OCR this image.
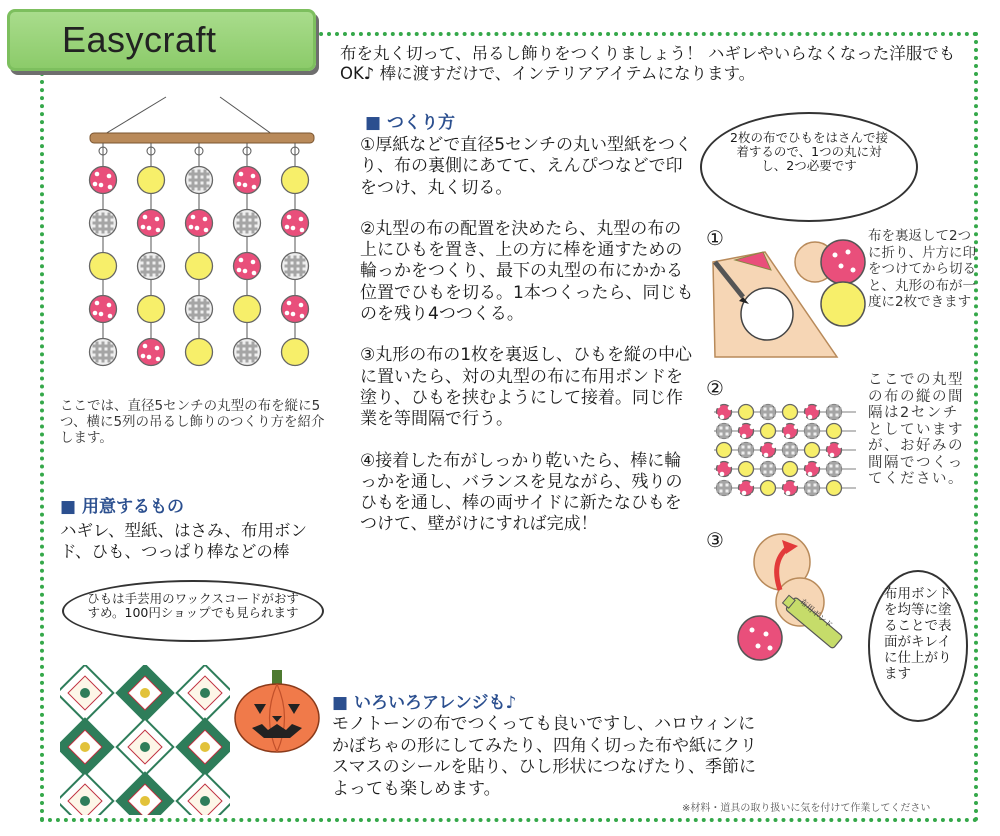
Easycraft	布を丸く切って、吊るし飾りをつくりましょう！ ハギレやいらなくなった洋服でもOK♪ 棒に渡すだけで、インテリアアイテムになります。
ここでは、直径5センチの丸型の布を縦に5つ、横に5列の吊るし飾りのつくり方を紹介します。
■ 用意するもの
ハギレ、型紙、はさみ、布用ボンド、ひも、つっぱり棒などの棒
ひもは手芸用のワックスコードがおすすめ。100円ショップでも見られます
■ つくり方

①厚紙などで直径5センチの丸い型紙をつくり、布の裏側にあてて、えんぴつなどで印をつけ、丸く切る。

②丸型の布の配置を決めたら、丸型の布の上にひもを置き、上の方に棒を通すための輪っかをつくり、最下の丸型の布にかかる位置でひもを切る。1本つくったら、同じものを残り4つつくる。

③丸形の布の1枚を裏返し、ひもを縦の中心に置いたら、対の丸型の布に布用ボンドを塗り、ひもを挟むようにして接着。同じ作業を等間隔で行う。

④接着した布がしっかり乾いたら、棒に輪っかを通し、バランスを見ながら、残りのひもを通し、棒の両サイドに新たなひもをつけて、壁がけにすれば完成！

2枚の布でひもをはさんで接着するので、1つの丸に対し、2つ必要です
①	布を裏返して2つに折り、片方に印をつけてから切ると、丸形の布が一度に2枚できます
②	ここでの丸型の布の縦の間隔は2センチとしていますが、お好みの間隔でつくってください。
③
布用ボンド
布用ボンドを均等に塗ることで表面がキレイに仕上がります
■ いろいろアレンジも♪
モノトーンの布でつくっても良いですし、ハロウィンにかぼちゃの形にしてみたり、四角く切った布や紙にクリスマスのシールを貼り、ひし形状につなげたり、季節によっても楽しめます。
※材料・道具の取り扱いに気を付けて作業してください
